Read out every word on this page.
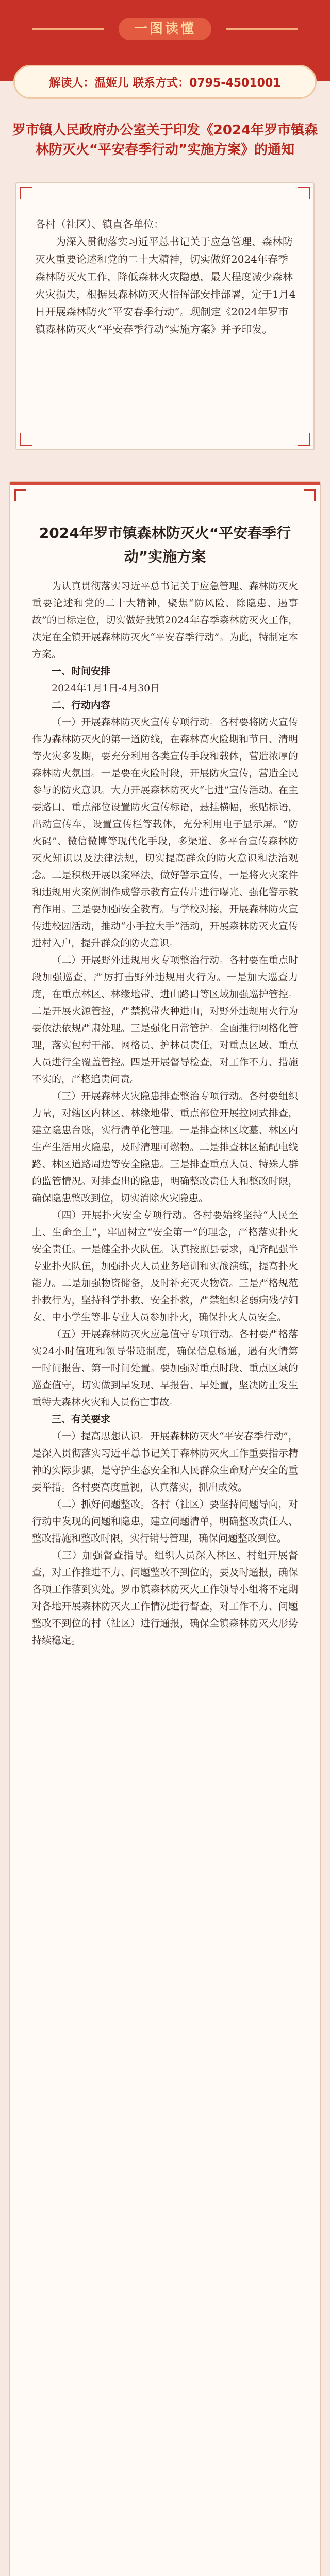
一图读懂
解读人：温姬儿 联系方式：0795-4501001
罗市镇人民政府办公室关于印发《2024年罗市镇森林防灭火“平安春季行动”实施方案》的通知

各村（社区）、镇直各单位：

为深入贯彻落实习近平总书记关于应急管理、森林防灭火重要论述和党的二十大精神，切实做好2024年春季森林防灭火工作，降低森林火灾隐患，最大程度减少森林火灾损失，根据县森林防灭火指挥部安排部署，定于1月4日开展森林防火“平安春季行动”。现制定《2024年罗市镇森林防灭火“平安春季行动”实施方案》并予印发。

2024年罗市镇森林防灭火“平安春季行动”实施方案

为认真贯彻落实习近平总书记关于应急管理、森林防灭火重要论述和党的二十大精神，聚焦“防风险、除隐患、遏事故”的目标定位，切实做好我镇2024年春季森林防灭火工作，决定在全镇开展森林防灭火“平安春季行动”。为此，特制定本方案。

一、时间安排

2024年1月1日-4月30日

二、行动内容

（一）开展森林防灭火宣传专项行动。各村要将防火宣传作为森林防灭火的第一道防线，在森林高火险期和节日、清明等火灾多发期，要充分利用各类宣传手段和载体，营造浓厚的森林防火氛围。一是要在火险时段，开展防火宣传，营造全民参与的防火意识。大力开展森林防灭火“七进”宣传活动。在主要路口、重点部位设置防火宣传标语，悬挂横幅，张贴标语，出动宣传车，设置宣传栏等载体，充分利用电子显示屏。“防火码”、微信微博等现代化手段，多渠道、多平台宣传森林防灭火知识以及法律法规，切实提高群众的防火意识和法治观念。二是积极开展以案释法，做好警示宣传，一是将火灾案件和违规用火案例制作成警示教育宣传片进行曝光、强化警示教育作用。三是要加强安全教育。与学校对接，开展森林防火宣传进校园活动，推动“小手拉大手”活动，开展森林防灭火宣传进村入户，提升群众的防火意识。

（二）开展野外违规用火专项整治行动。各村要在重点时段加强巡查，严厉打击野外违规用火行为。一是加大巡查力度，在重点林区、林缘地带、进山路口等区域加强巡护管控。二是开展火源管控，严禁携带火种进山，对野外违规用火行为要依法依规严肃处理。三是强化日常管护。全面推行网格化管理，落实包村干部、网格员、护林员责任，对重点区域、重点人员进行全覆盖管控。四是开展督导检查，对工作不力、措施不实的，严格追责问责。

（三）开展森林火灾隐患排查整治专项行动。各村要组织力量，对辖区内林区、林缘地带、重点部位开展拉网式排查，建立隐患台账，实行清单化管理。一是排查林区坟墓、林区内生产生活用火隐患，及时清理可燃物。二是排查林区输配电线路、林区道路周边等安全隐患。三是排查重点人员、特殊人群的监管情况。对排查出的隐患，明确整改责任人和整改时限，确保隐患整改到位，切实消除火灾隐患。

（四）开展扑火安全专项行动。各村要始终坚持“人民至上、生命至上”，牢固树立“安全第一”的理念，严格落实扑火安全责任。一是健全扑火队伍。认真按照县要求，配齐配强半专业扑火队伍，加强扑火人员业务培训和实战演练，提高扑火能力。二是加强物资储备，及时补充灭火物资。三是严格规范扑救行为，坚持科学扑救、安全扑救，严禁组织老弱病残孕妇女、中小学生等非专业人员参加扑火，确保扑火人员安全。

（五）开展森林防灭火应急值守专项行动。各村要严格落实24小时值班和领导带班制度，确保信息畅通，遇有火情第一时间报告、第一时间处置。要加强对重点时段、重点区域的巡查值守，切实做到早发现、早报告、早处置，坚决防止发生重特大森林火灾和人员伤亡事故。

三、有关要求

（一）提高思想认识。开展森林防灭火“平安春季行动”，是深入贯彻落实习近平总书记关于森林防灭火工作重要指示精神的实际步骤，是守护生态安全和人民群众生命财产安全的重要举措。各村要高度重视，认真落实，抓出成效。

（二）抓好问题整改。各村（社区）要坚持问题导向，对行动中发现的问题和隐患，建立问题清单，明确整改责任人、整改措施和整改时限，实行销号管理，确保问题整改到位。

（三）加强督查指导。组织人员深入林区、村组开展督查，对工作推进不力、问题整改不到位的，要及时通报，确保各项工作落到实处。罗市镇森林防灭火工作领导小组将不定期对各地开展森林防灭火工作情况进行督查，对工作不力、问题整改不到位的村（社区）进行通报，确保全镇森林防灭火形势持续稳定。
